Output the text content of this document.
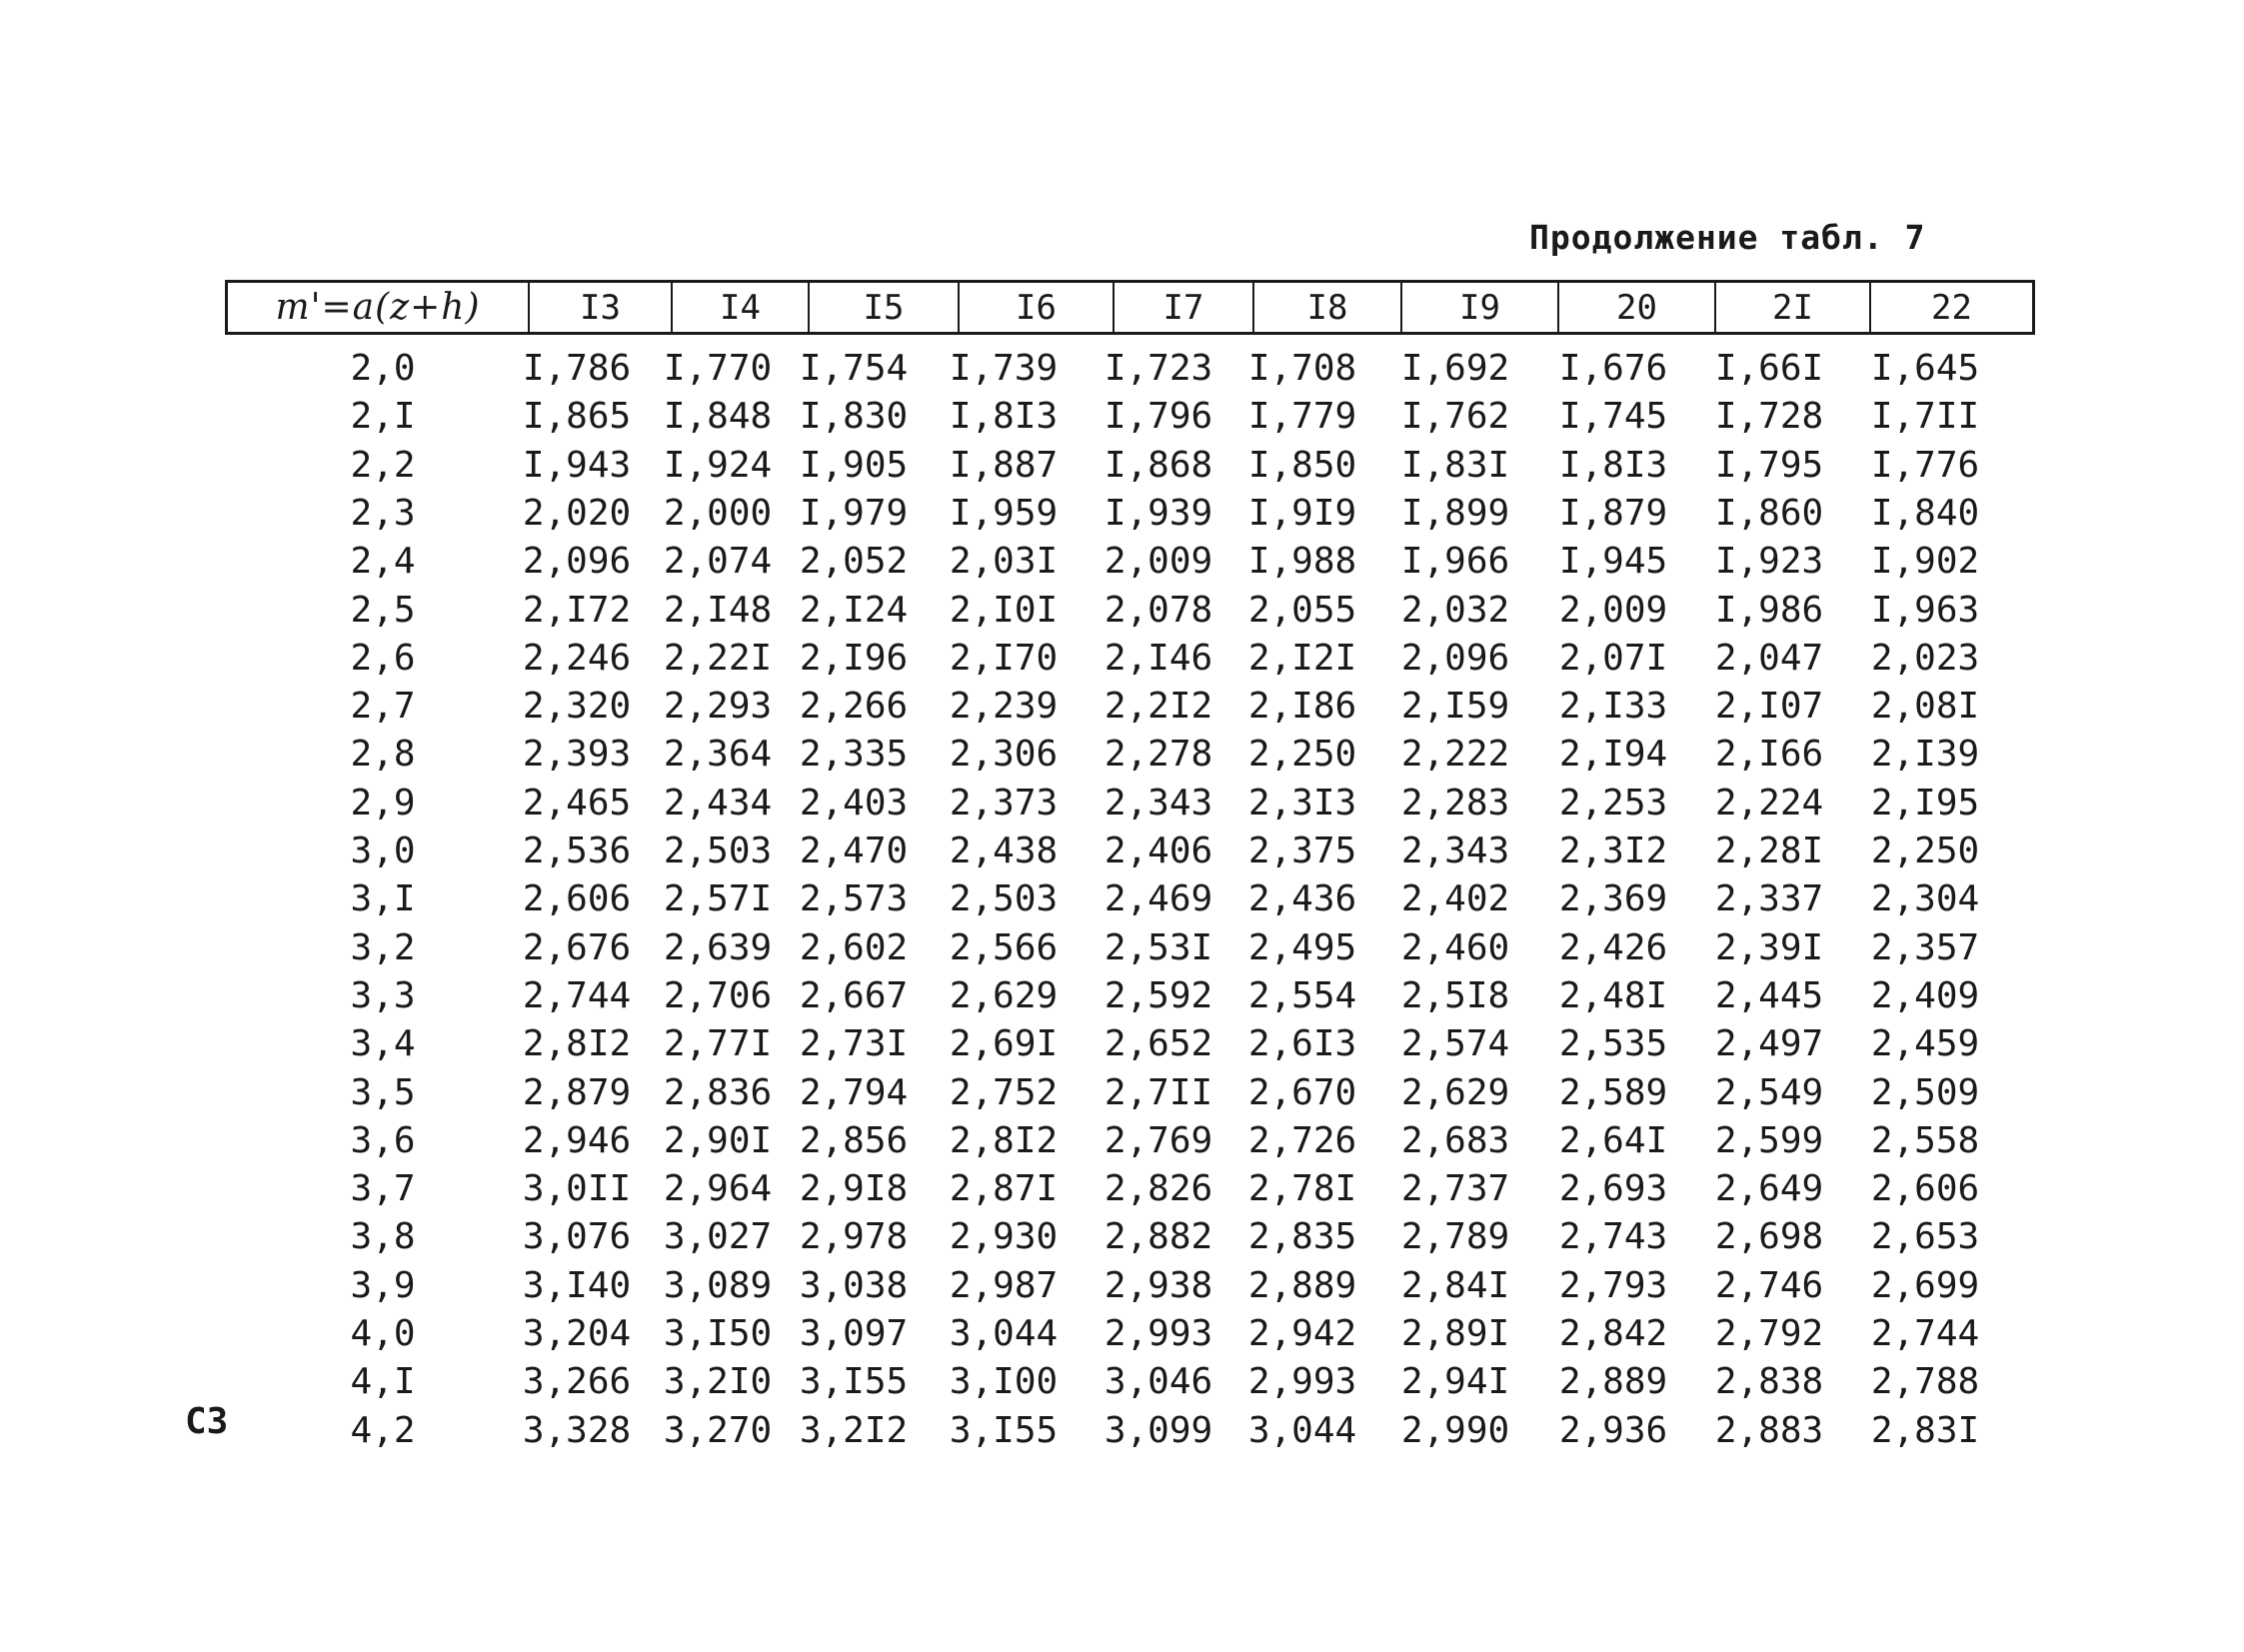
Продолжение табл. 7
m'=a(z+h)	I3	I4	I5	I6	I7	I8	I9	20	2I	22
2,0	I,786 I,770 I,754 I,739 I,723 I,708 I,692 I,676 I,66I I,645
2,I	I,865 I,848 I,830 I,8I3 I,796 I,779 I,762 I,745 I,728 I,7II
2,2	I,943 I,924 I,905 I,887 I,868 I,850 I,83I I,8I3 I,795 I,776
2,3	2,020 2,000 I,979 I,959 I,939 I,9I9 I,899 I,879 I,860 I,840
2,4	2,096 2,074 2,052 2,03I 2,009 I,988 I,966 I,945 I,923 I,902
2,5	2,I72 2,I48 2,I24 2,I0I 2,078 2,055 2,032 2,009 I,986 I,963
2,6	2,246 2,22I 2,I96 2,I70 2,I46 2,I2I 2,096 2,07I 2,047 2,023
2,7	2,320 2,293 2,266 2,239 2,2I2 2,I86 2,I59 2,I33 2,I07 2,08I
2,8	2,393 2,364 2,335 2,306 2,278 2,250 2,222 2,I94 2,I66 2,I39
2,9	2,465 2,434 2,403 2,373 2,343 2,3I3 2,283 2,253 2,224 2,I95
3,0	2,536 2,503 2,470 2,438 2,406 2,375 2,343 2,3I2 2,28I 2,250
3,I	2,606 2,57I 2,573 2,503 2,469 2,436 2,402 2,369 2,337 2,304
3,2	2,676 2,639 2,602 2,566 2,53I 2,495 2,460 2,426 2,39I 2,357
3,3	2,744 2,706 2,667 2,629 2,592 2,554 2,5I8 2,48I 2,445 2,409
3,4	2,8I2 2,77I 2,73I 2,69I 2,652 2,6I3 2,574 2,535 2,497 2,459
3,5	2,879 2,836 2,794 2,752 2,7II 2,670 2,629 2,589 2,549 2,509
3,6	2,946 2,90I 2,856 2,8I2 2,769 2,726 2,683 2,64I 2,599 2,558
3,7	3,0II 2,964 2,9I8 2,87I 2,826 2,78I 2,737 2,693 2,649 2,606
3,8	3,076 3,027 2,978 2,930 2,882 2,835 2,789 2,743 2,698 2,653
3,9	3,I40 3,089 3,038 2,987 2,938 2,889 2,84I 2,793 2,746 2,699
4,0	3,204 3,I50 3,097 3,044 2,993 2,942 2,89I 2,842 2,792 2,744
4,I	3,266 3,2I0 3,I55 3,I00 3,046 2,993 2,94I 2,889 2,838 2,788
4,2	3,328 3,270 3,2I2 3,I55 3,099 3,044 2,990 2,936 2,883 2,83I
C3
